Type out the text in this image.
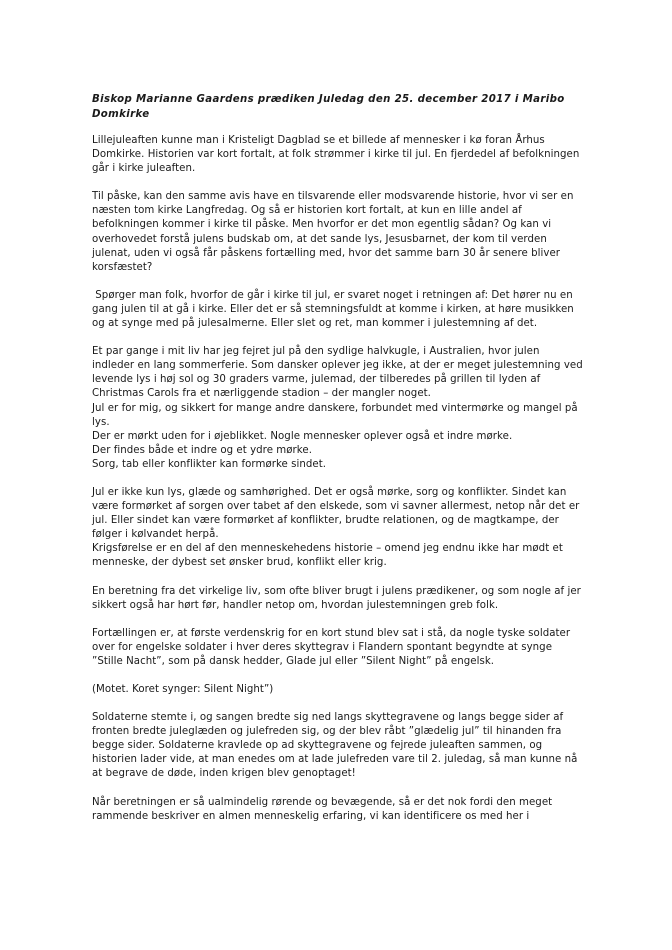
Biskop Marianne Gaardens prædiken Juledag den 25. december 2017 i Maribo
Domkirke
Lillejuleaften kunne man i Kristeligt Dagblad se et billede af mennesker i kø foran Århus
Domkirke. Historien var kort fortalt, at folk strømmer i kirke til jul. En fjerdedel af befolkningen
går i kirke juleaften.
Til påske, kan den samme avis have en tilsvarende eller modsvarende historie, hvor vi ser en
næsten tom kirke Langfredag. Og så er historien kort fortalt, at kun en lille andel af
befolkningen kommer i kirke til påske. Men hvorfor er det mon egentlig sådan? Og kan vi
overhovedet forstå julens budskab om, at det sande lys, Jesusbarnet, der kom til verden
julenat, uden vi også får påskens fortælling med, hvor det samme barn 30 år senere bliver
korsfæstet?
Spørger man folk, hvorfor de går i kirke til jul, er svaret noget i retningen af: Det hører nu en
gang julen til at gå i kirke. Eller det er så stemningsfuldt at komme i kirken, at høre musikken
og at synge med på julesalmerne. Eller slet og ret, man kommer i julestemning af det.
Et par gange i mit liv har jeg fejret jul på den sydlige halvkugle, i Australien, hvor julen
indleder en lang sommerferie. Som dansker oplever jeg ikke, at der er meget julestemning ved
levende lys i høj sol og 30 graders varme, julemad, der tilberedes på grillen til lyden af
Christmas Carols fra et nærliggende stadion – der mangler noget.
Jul er for mig, og sikkert for mange andre danskere, forbundet med vintermørke og mangel på
lys.
Der er mørkt uden for i øjeblikket. Nogle mennesker oplever også et indre mørke.
Der findes både et indre og et ydre mørke.
Sorg, tab eller konflikter kan formørke sindet.
Jul er ikke kun lys, glæde og samhørighed. Det er også mørke, sorg og konflikter. Sindet kan
være formørket af sorgen over tabet af den elskede, som vi savner allermest, netop når det er
jul. Eller sindet kan være formørket af konflikter, brudte relationen, og de magtkampe, der
følger i kølvandet herpå.
Krigsførelse er en del af den menneskehedens historie – omend jeg endnu ikke har mødt et
menneske, der dybest set ønsker brud, konflikt eller krig.
En beretning fra det virkelige liv, som ofte bliver brugt i julens prædikener, og som nogle af jer
sikkert også har hørt før, handler netop om, hvordan julestemningen greb folk.
Fortællingen er, at første verdenskrig for en kort stund blev sat i stå, da nogle tyske soldater
over for engelske soldater i hver deres skyttegrav i Flandern spontant begyndte at synge
”Stille Nacht”, som på dansk hedder, Glade jul eller ”Silent Night” på engelsk.
(Motet. Koret synger: Silent Night”)
Soldaterne stemte i, og sangen bredte sig ned langs skyttegravene og langs begge sider af
fronten bredte juleglæden og julefreden sig, og der blev råbt ”glædelig jul” til hinanden fra
begge sider. Soldaterne kravlede op ad skyttegravene og fejrede juleaften sammen, og
historien lader vide, at man enedes om at lade julefreden vare til 2. juledag, så man kunne nå
at begrave de døde, inden krigen blev genoptaget!
Når beretningen er så ualmindelig rørende og bevægende, så er det nok fordi den meget
rammende beskriver en almen menneskelig erfaring, vi kan identificere os med her i
